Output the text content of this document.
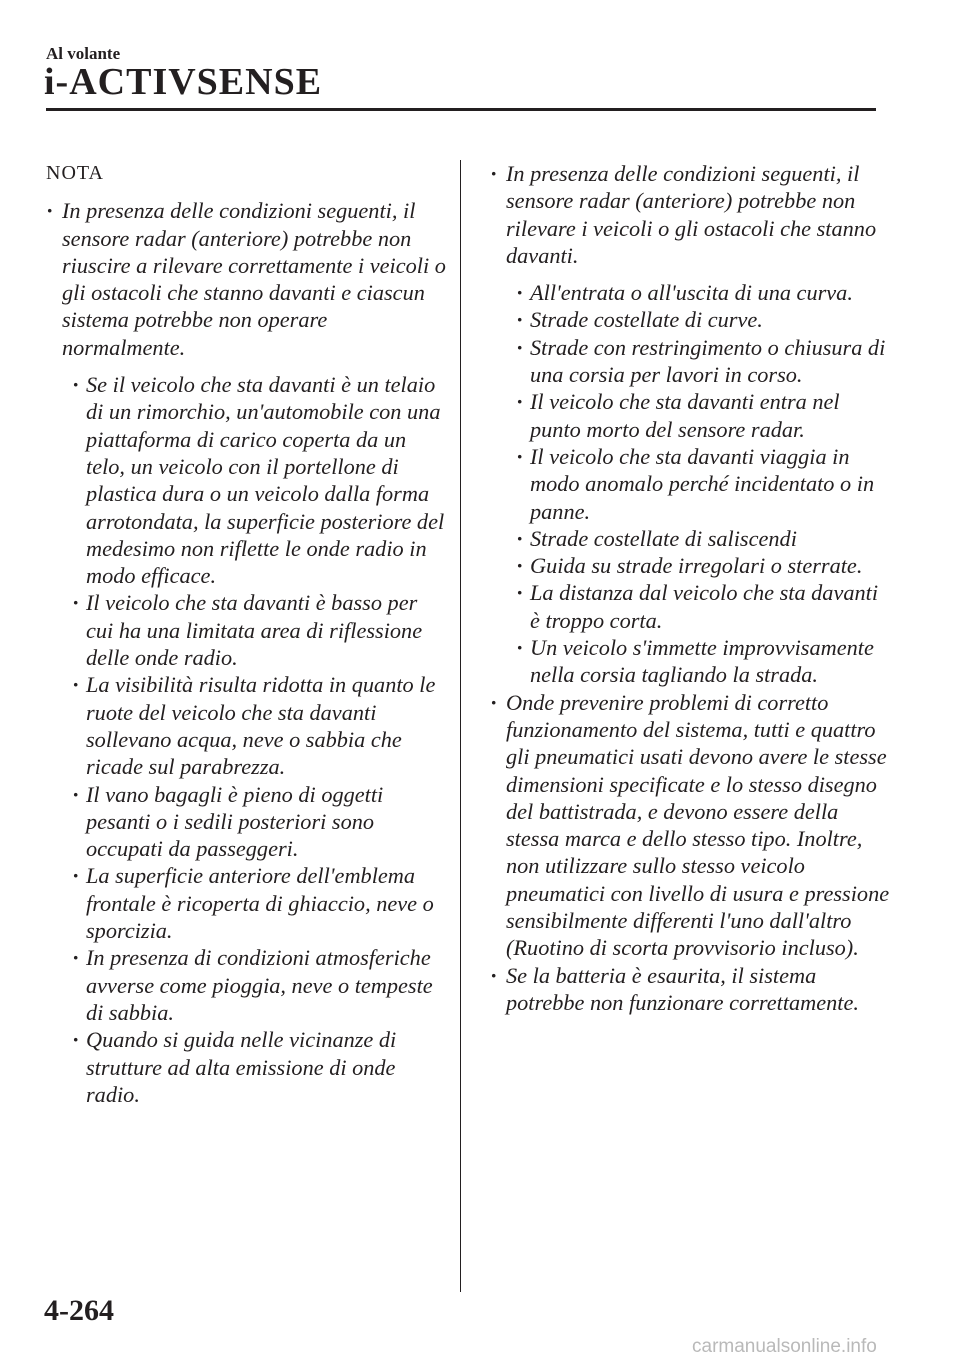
Al volante
i-ACTIVSENSE
NOTA
· In presenza delle condizioni seguenti, il sensore radar (anteriore) potrebbe non riuscire a rilevare correttamente i veicoli o gli ostacoli che stanno davanti e ciascun sistema potrebbe non operare normalmente.
· Se il veicolo che sta davanti è un telaio di un rimorchio, un'automobile con una piattaforma di carico coperta da un telo, un veicolo con il portellone di plastica dura o un veicolo dalla forma arrotondata, la superficie posteriore del medesimo non riflette le onde radio in modo efficace.
· Il veicolo che sta davanti è basso per cui ha una limitata area di riflessione delle onde radio.
· La visibilità risulta ridotta in quanto le ruote del veicolo che sta davanti sollevano acqua, neve o sabbia che ricade sul parabrezza.
· Il vano bagagli è pieno di oggetti pesanti o i sedili posteriori sono occupati da passeggeri.
· La superficie anteriore dell'emblema frontale è ricoperta di ghiaccio, neve o sporcizia.
· In presenza di condizioni atmosferiche avverse come pioggia, neve o tempeste di sabbia.
· Quando si guida nelle vicinanze di strutture ad alta emissione di onde radio.
· In presenza delle condizioni seguenti, il sensore radar (anteriore) potrebbe non rilevare i veicoli o gli ostacoli che stanno davanti.
· All'entrata o all'uscita di una curva.
· Strade costellate di curve.
· Strade con restringimento o chiusura di una corsia per lavori in corso.
· Il veicolo che sta davanti entra nel punto morto del sensore radar.
· Il veicolo che sta davanti viaggia in modo anomalo perché incidentato o in panne.
· Strade costellate di saliscendi
· Guida su strade irregolari o sterrate.
· La distanza dal veicolo che sta davanti è troppo corta.
· Un veicolo s'immette improvvisamente nella corsia tagliando la strada.
· Onde prevenire problemi di corretto funzionamento del sistema, tutti e quattro gli pneumatici usati devono avere le stesse dimensioni specificate e lo stesso disegno del battistrada, e devono essere della stessa marca e dello stesso tipo. Inoltre, non utilizzare sullo stesso veicolo pneumatici con livello di usura e pressione sensibilmente differenti l'uno dall'altro (Ruotino di scorta provvisorio incluso).
· Se la batteria è esaurita, il sistema potrebbe non funzionare correttamente.
4-264
carmanualsonline.info
